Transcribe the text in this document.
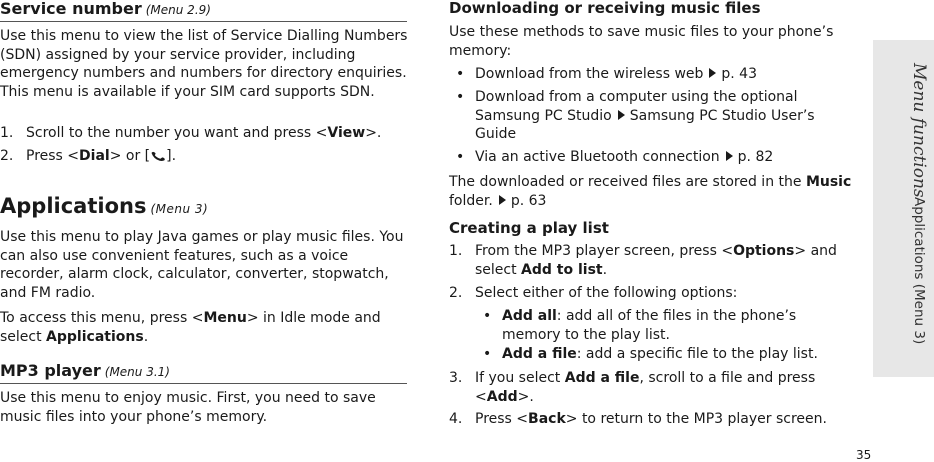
Service number (Menu 2.9)

Use this menu to view the list of Service Dialling Numbers (SDN) assigned by your service provider, including emergency numbers and numbers for directory enquiries. This menu is available if your SIM card supports SDN.

1. Scroll to the number you want and press <View>.
2. Press <Dial> or [ ].
Applications (Menu 3)

Use this menu to play Java games or play music files. You can also use convenient features, such as a voice recorder, alarm clock, calculator, converter, stopwatch, and FM radio.

To access this menu, press <Menu> in Idle mode and select Applications.

MP3 player (Menu 3.1)

Use this menu to enjoy music. First, you need to save music files into your phone’s memory.

Downloading or receiving music files

Use these methods to save music files to your phone’s memory:

• Download from the wireless web p. 43
• Download from a computer using the optional Samsung PC Studio Samsung PC Studio User’s Guide
• Via an active Bluetooth connection p. 82

The downloaded or received files are stored in the Music folder. p. 63

Creating a play list
1. From the MP3 player screen, press <Options> and select Add to list.
2. Select either of the following options:
• Add all: add all of the files in the phone’s memory to the play list.
• Add a file: add a specific file to the play list.
3. If you select Add a file, scroll to a file and press <Add>.
4. Press <Back> to return to the MP3 player screen.
Menu functions
Applications (Menu 3)
35
